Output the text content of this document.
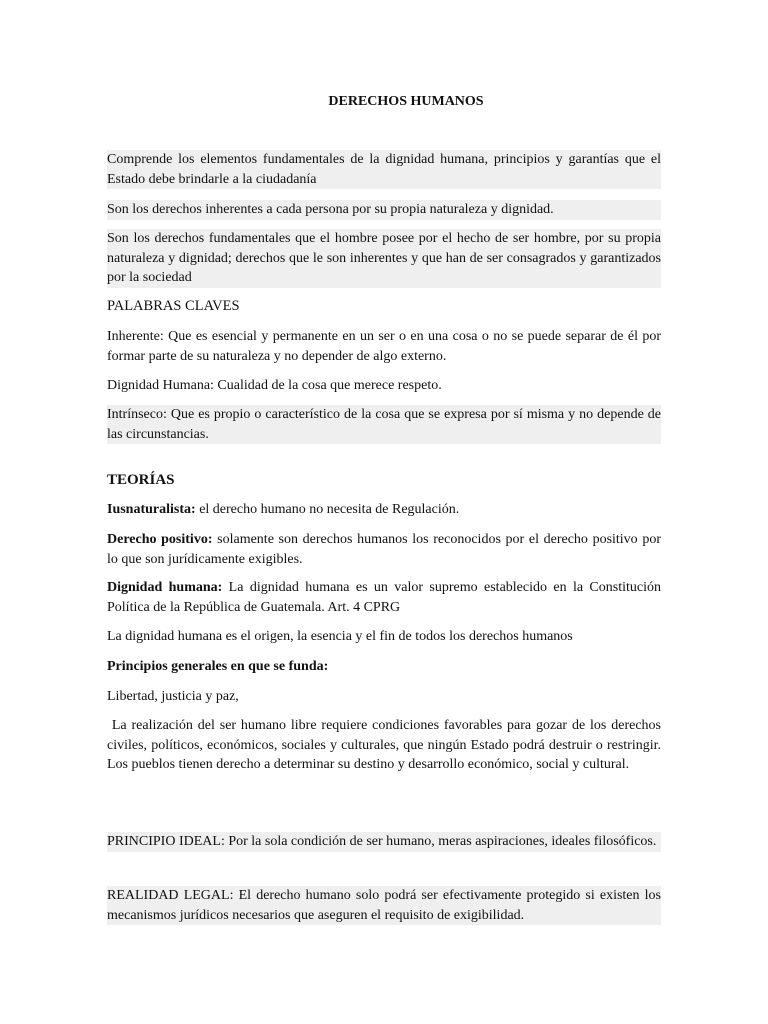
DERECHOS HUMANOS

Comprende los elementos fundamentales de la dignidad humana, principios y garantías que el Estado debe brindarle a la ciudadanía

Son los derechos inherentes a cada persona por su propia naturaleza y dignidad.

Son los derechos fundamentales que el hombre posee por el hecho de ser hombre, por su propia naturaleza y dignidad; derechos que le son inherentes y que han de ser consagrados y garantizados por la sociedad

PALABRAS CLAVES

Inherente: Que es esencial y permanente en un ser o en una cosa o no se puede separar de él por formar parte de su naturaleza y no depender de algo externo.

Dignidad Humana: Cualidad de la cosa que merece respeto.

Intrínseco: Que es propio o característico de la cosa que se expresa por sí misma y no depende de las circunstancias.

TEORÍAS

Iusnaturalista: el derecho humano no necesita de Regulación.

Derecho positivo: solamente son derechos humanos los reconocidos por el derecho positivo por lo que son jurídicamente exigibles.

Dignidad humana: La dignidad humana es un valor supremo establecido en la Constitución Política de la República de Guatemala. Art. 4 CPRG

La dignidad humana es el origen, la esencia y el fin de todos los derechos humanos

Principios generales en que se funda:

Libertad, justicia y paz,

La realización del ser humano libre requiere condiciones favorables para gozar de los derechos civiles, políticos, económicos, sociales y culturales, que ningún Estado podrá destruir o restringir. Los pueblos tienen derecho a determinar su destino y desarrollo económico, social y cultural.

PRINCIPIO IDEAL: Por la sola condición de ser humano, meras aspiraciones, ideales filosóficos.

REALIDAD LEGAL: El derecho humano solo podrá ser efectivamente protegido si existen los mecanismos jurídicos necesarios que aseguren el requisito de exigibilidad.
